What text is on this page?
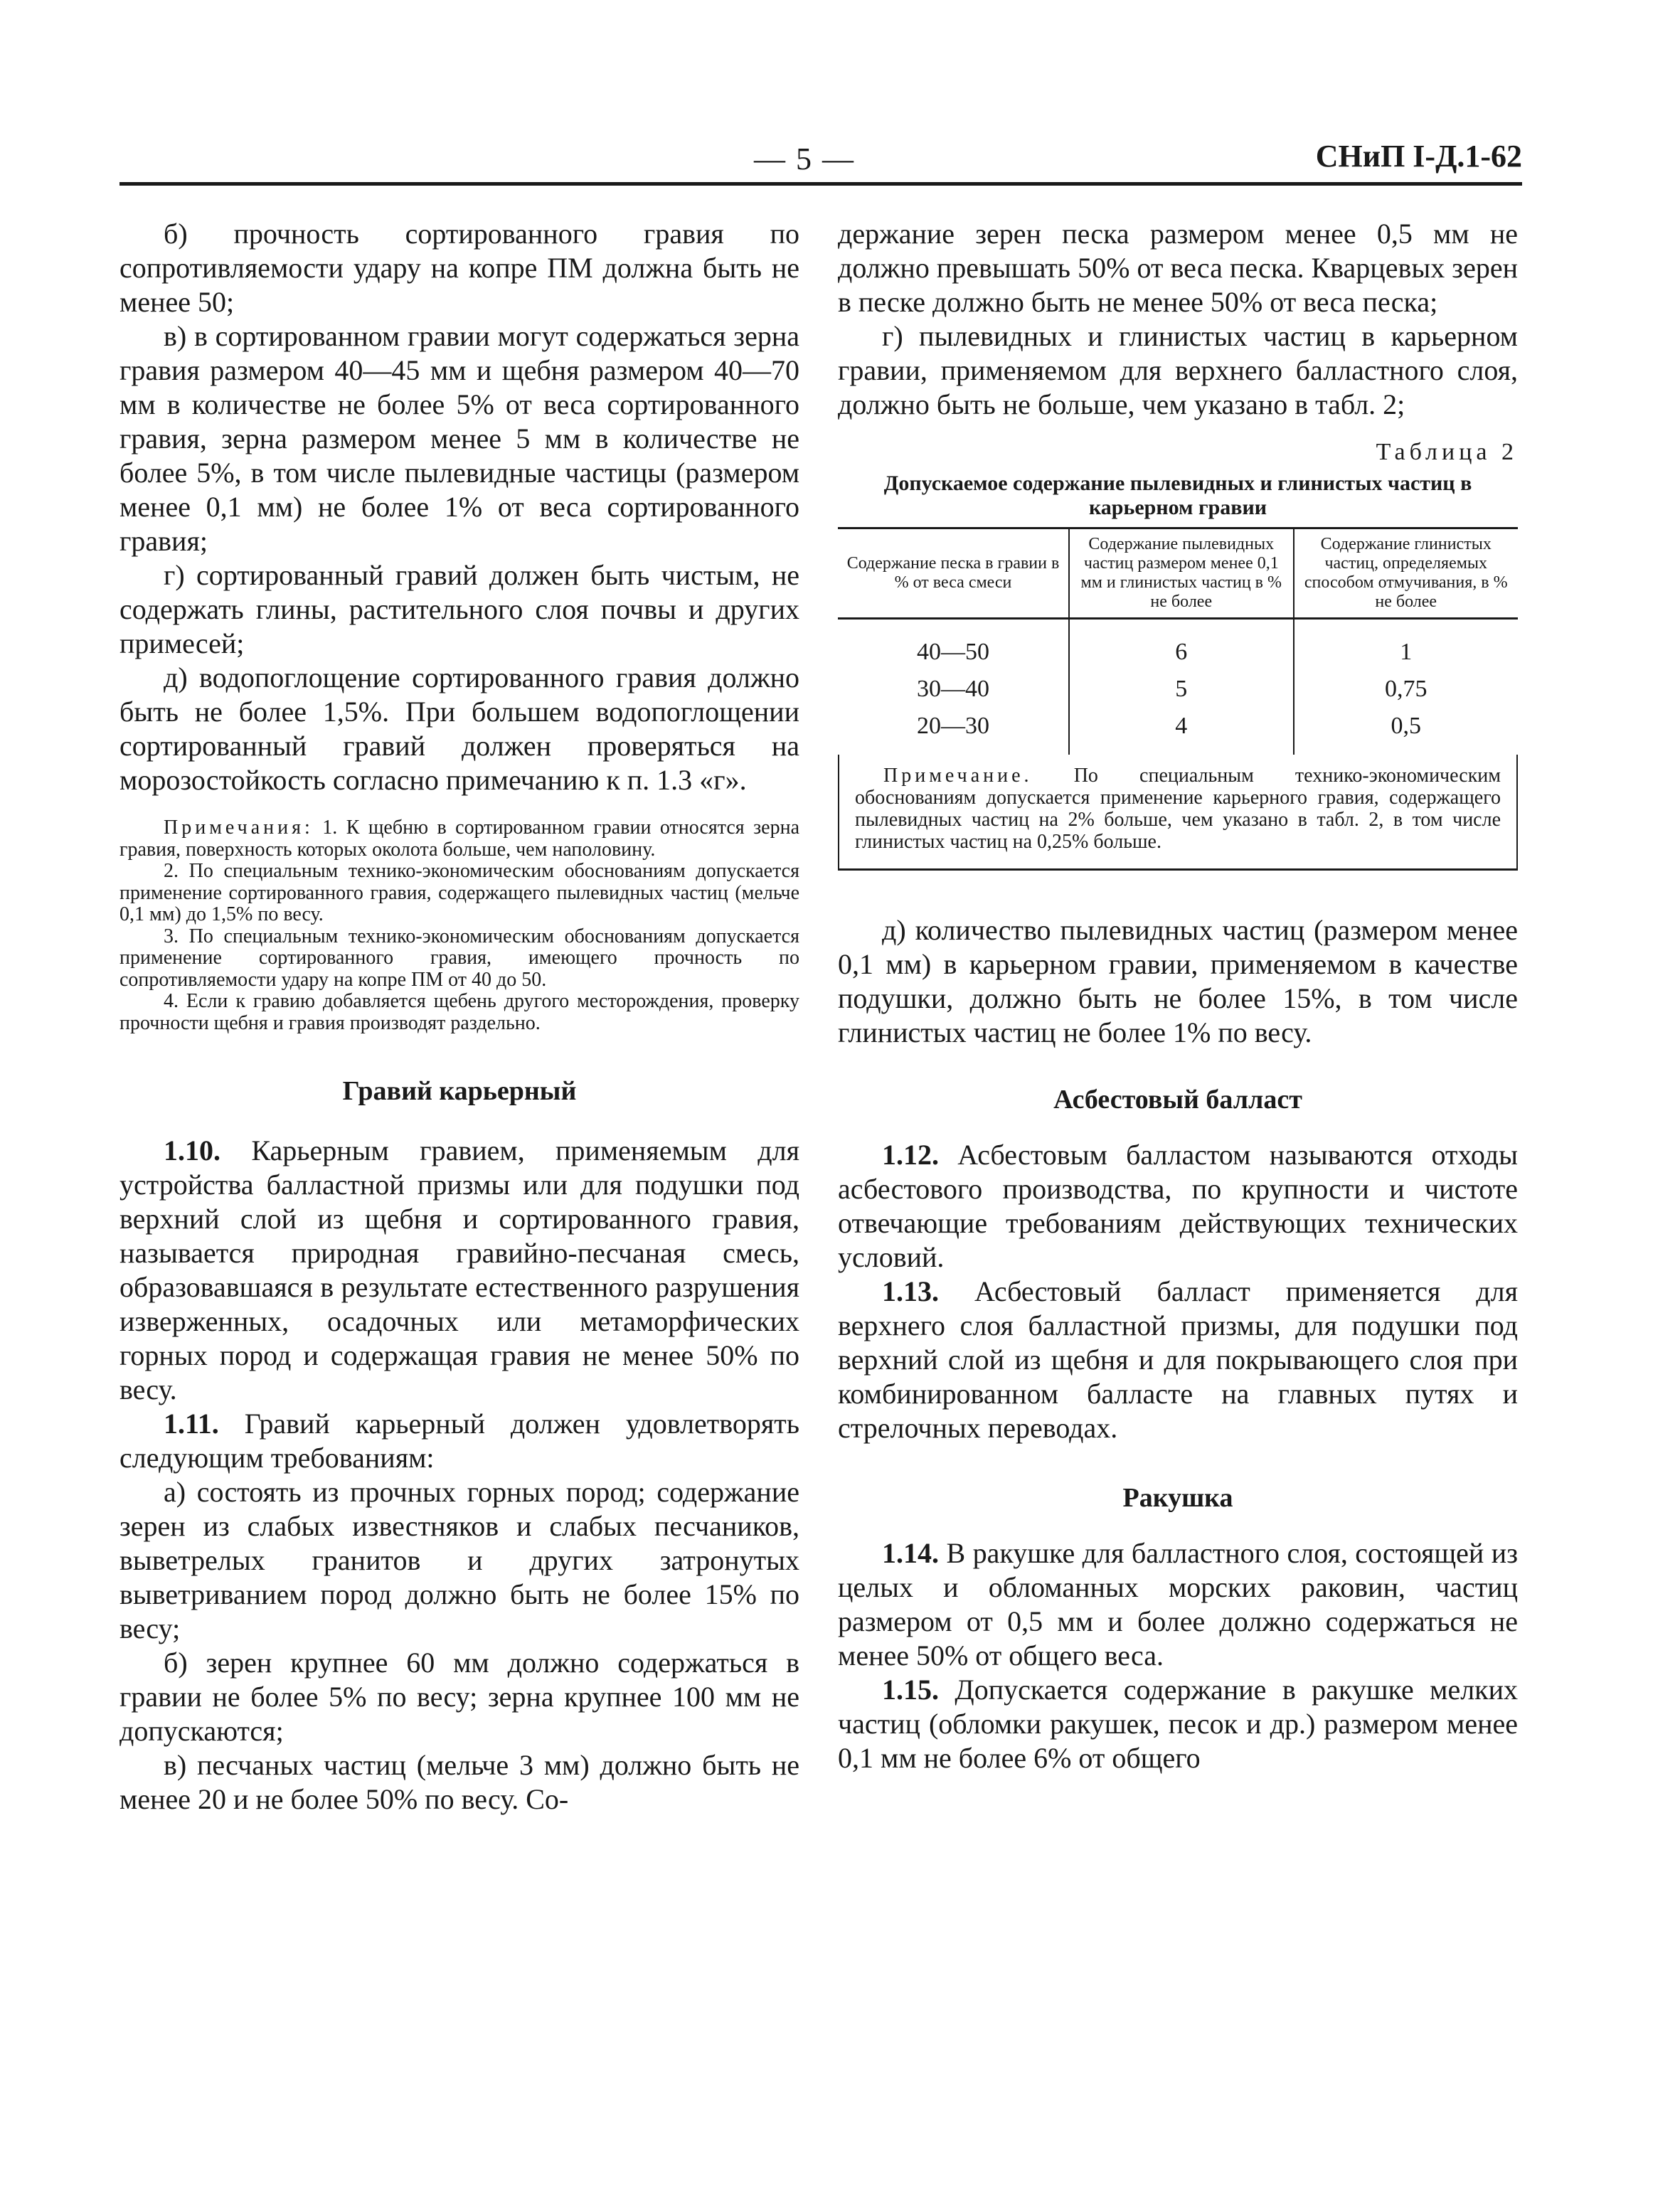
— 5 —	СНиП I-Д.1-62

б) прочность сортированного гравия по сопротивляемости удару на копре ПМ должна быть не менее 50;

в) в сортированном гравии могут содержаться зерна гравия размером 40—45 мм и щебня размером 40—70 мм в количестве не более 5% от веса сортированного гравия, зерна размером менее 5 мм в количестве не более 5%, в том числе пылевидные частицы (размером менее 0,1 мм) не более 1% от веса сортированного гравия;

г) сортированный гравий должен быть чистым, не содержать глины, растительного слоя почвы и других примесей;

д) водопоглощение сортированного гравия должно быть не более 1,5%. При большем водопоглощении сортированный гравий должен проверяться на морозостойкость согласно примечанию к п. 1.3 «г».

Примечания: 1. К щебню в сортированном гравии относятся зерна гравия, поверхность которых околота больше, чем наполовину.

2. По специальным технико-экономическим обоснованиям допускается применение сортированного гравия, содержащего пылевидных частиц (мельче 0,1 мм) до 1,5% по весу.

3. По специальным технико-экономическим обоснованиям допускается применение сортированного гравия, имеющего прочность по сопротивляемости удару на копре ПМ от 40 до 50.

4. Если к гравию добавляется щебень другого месторождения, проверку прочности щебня и гравия производят раздельно.

Гравий карьерный

1.10. Карьерным гравием, применяемым для устройства балластной призмы или для подушки под верхний слой из щебня и сортированного гравия, называется природная гравийно-песчаная смесь, образовавшаяся в результате естественного разрушения изверженных, осадочных или метаморфических горных пород и содержащая гравия не менее 50% по весу.

1.11. Гравий карьерный должен удовлетворять следующим требованиям:

а) состоять из прочных горных пород; содержание зерен из слабых известняков и слабых песчаников, выветрелых гранитов и других затронутых выветриванием пород должно быть не более 15% по весу;

б) зерен крупнее 60 мм должно содержаться в гравии не более 5% по весу; зерна крупнее 100 мм не допускаются;

в) песчаных частиц (мельче 3 мм) должно быть не менее 20 и не более 50% по весу. Со-

держание зерен песка размером менее 0,5 мм не должно превышать 50% от веса песка. Кварцевых зерен в песке должно быть не менее 50% от веса песка;

г) пылевидных и глинистых частиц в карьерном гравии, применяемом для верхнего балластного слоя, должно быть не больше, чем указано в табл. 2;

Таблица 2
Допускаемое содержание пылевидных и глинистых частиц в карьерном гравии
Содержание песка в гравии в % от веса смеси	Содержание пылевидных частиц размером менее 0,1 мм и глинистых частиц в % не более	Содержание глинистых частиц, определяемых способом отмучивания, в % не более
40—50	6	1
30—40	5	0,75
20—30	4	0,5
Примечание. По специальным технико-экономическим обоснованиям допускается применение карьерного гравия, содержащего пылевидных частиц на 2% больше, чем указано в табл. 2, в том числе глинистых частиц на 0,25% больше.

д) количество пылевидных частиц (размером менее 0,1 мм) в карьерном гравии, применяемом в качестве подушки, должно быть не более 15%, в том числе глинистых частиц не более 1% по весу.

Асбестовый балласт

1.12. Асбестовым балластом называются отходы асбестового производства, по крупности и чистоте отвечающие требованиям действующих технических условий.

1.13. Асбестовый балласт применяется для верхнего слоя балластной призмы, для подушки под верхний слой из щебня и для покрывающего слоя при комбинированном балласте на главных путях и стрелочных переводах.

Ракушка

1.14. В ракушке для балластного слоя, состоящей из целых и обломанных морских раковин, частиц размером от 0,5 мм и более должно содержаться не менее 50% от общего веса.

1.15. Допускается содержание в ракушке мелких частиц (обломки ракушек, песок и др.) размером менее 0,1 мм не более 6% от общего
